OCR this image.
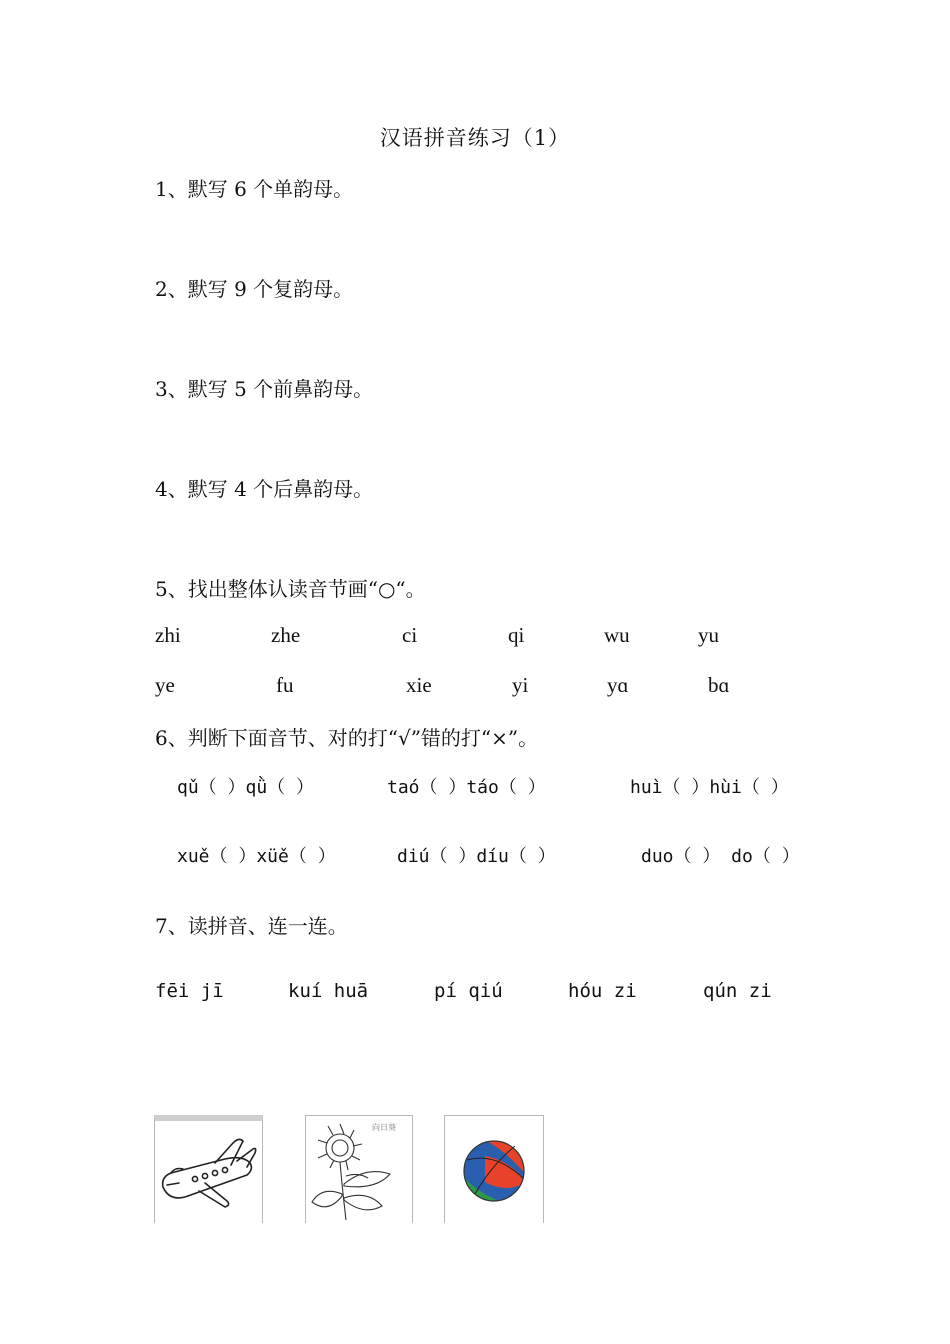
汉语拼音练习（1）
1、默写 6 个单韵母。
2、默写 9 个复韵母。
3、默写 5 个前鼻韵母。
4、默写 4 个后鼻韵母。
5、找出整体认读音节画“○“。
zhi	zhe	ci	qi	wu	yu
ye	fu	xie	yi	yɑ	bɑ
6、判断下面音节、对的打“√”错的打“×”。
qǔ（ ）qǜ（ ）	taó（ ）táo（ ）	huì（ ）hùi（ ）
xuě（ ）xüě（ ）	diú（ ）díu（ ）	duo（ ） do（ ）
7、读拼音、连一连。
fēi jī	kuí huā	pí qiú	hóu zi	qún zi
向日葵
